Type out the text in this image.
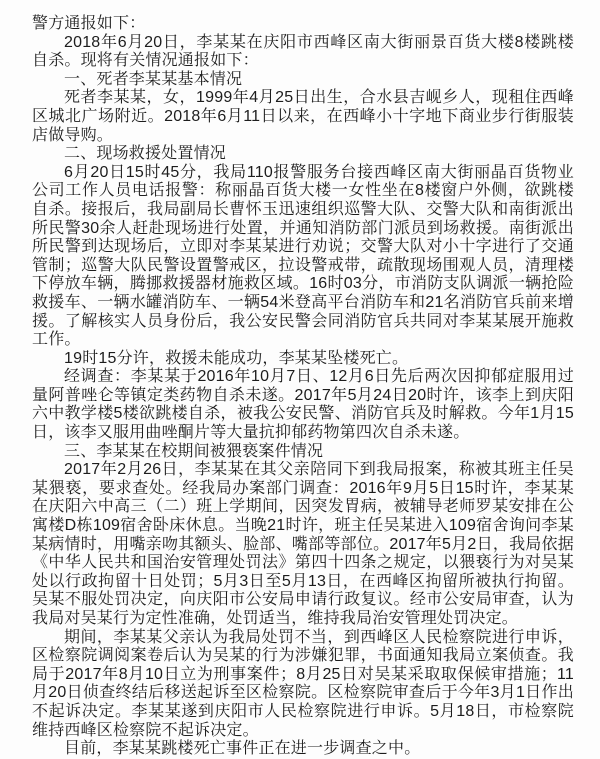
警方通报如下：

2018年6月20日，李某某在庆阳市西峰区南大街丽景百货大楼8楼跳楼自杀。现将有关情况通报如下：

一、死者李某某基本情况

死者李某某，女，1999年4月25日出生，合水县吉岘乡人，现租住西峰区城北广场附近。2018年6月11日以来，在西峰小十字地下商业步行街服装店做导购。

二、现场救援处置情况

6月20日15时45分，我局110报警服务台接西峰区南大街丽晶百货物业公司工作人员电话报警：称丽晶百货大楼一女性坐在8楼窗户外侧，欲跳楼自杀。接报后，我局副局长曹怀玉迅速组织巡警大队、交警大队和南街派出所民警30余人赶赴现场进行处置，并通知消防部门派员到场救援。南街派出所民警到达现场后，立即对李某某进行劝说；交警大队对小十字进行了交通管制；巡警大队民警设置警戒区，拉设警戒带，疏散现场围观人员，清理楼下停放车辆，腾挪救援器材施救区域。16时03分，市消防支队调派一辆抢险救援车、一辆水罐消防车、一辆54米登高平台消防车和21名消防官兵前来增援。了解核实人员身份后，我公安民警会同消防官兵共同对李某某展开施救工作。

19时15分许，救援未能成功，李某某坠楼死亡。

经调查：李某某于2016年10月7日、12月6日先后两次因抑郁症服用过量阿普唑仑等镇定类药物自杀未遂。2017年5月24日20时许，该李上到庆阳六中教学楼5楼欲跳楼自杀，被我公安民警、消防官兵及时解救。今年1月15日，该李又服用曲唑酮片等大量抗抑郁药物第四次自杀未遂。

三、李某某在校期间被猥亵案件情况

2017年2月26日，李某某在其父亲陪同下到我局报案，称被其班主任吴某猥亵，要求查处。经我局办案部门调查：2016年9月5日15时许，李某某在庆阳六中高三（二）班上学期间，因突发胃病，被辅导老师罗某安排在公寓楼D栋109宿舍卧床休息。当晚21时许，班主任吴某进入109宿舍询问李某某病情时，用嘴亲吻其额头、脸部、嘴部等部位。2017年5月2日，我局依据《中华人民共和国治安管理处罚法》第四十四条之规定，以猥亵行为对吴某处以行政拘留十日处罚；5月3日至5月13日，在西峰区拘留所被执行拘留。吴某不服处罚决定，向庆阳市公安局申请行政复议。经市公安局审查，认为我局对吴某行为定性准确，处罚适当，维持我局治安管理处罚决定。

期间，李某某父亲认为我局处罚不当，到西峰区人民检察院进行申诉，区检察院调阅案卷后认为吴某的行为涉嫌犯罪，书面通知我局立案侦查。我局于2017年8月10日立为刑事案件；8月25日对吴某采取取保候审措施；11月20日侦查终结后移送起诉至区检察院。区检察院审查后于今年3月1日作出不起诉决定。李某某遂到庆阳市人民检察院进行申诉。5月18日，市检察院维持西峰区检察院不起诉决定。

目前，李某某跳楼死亡事件正在进一步调查之中。
